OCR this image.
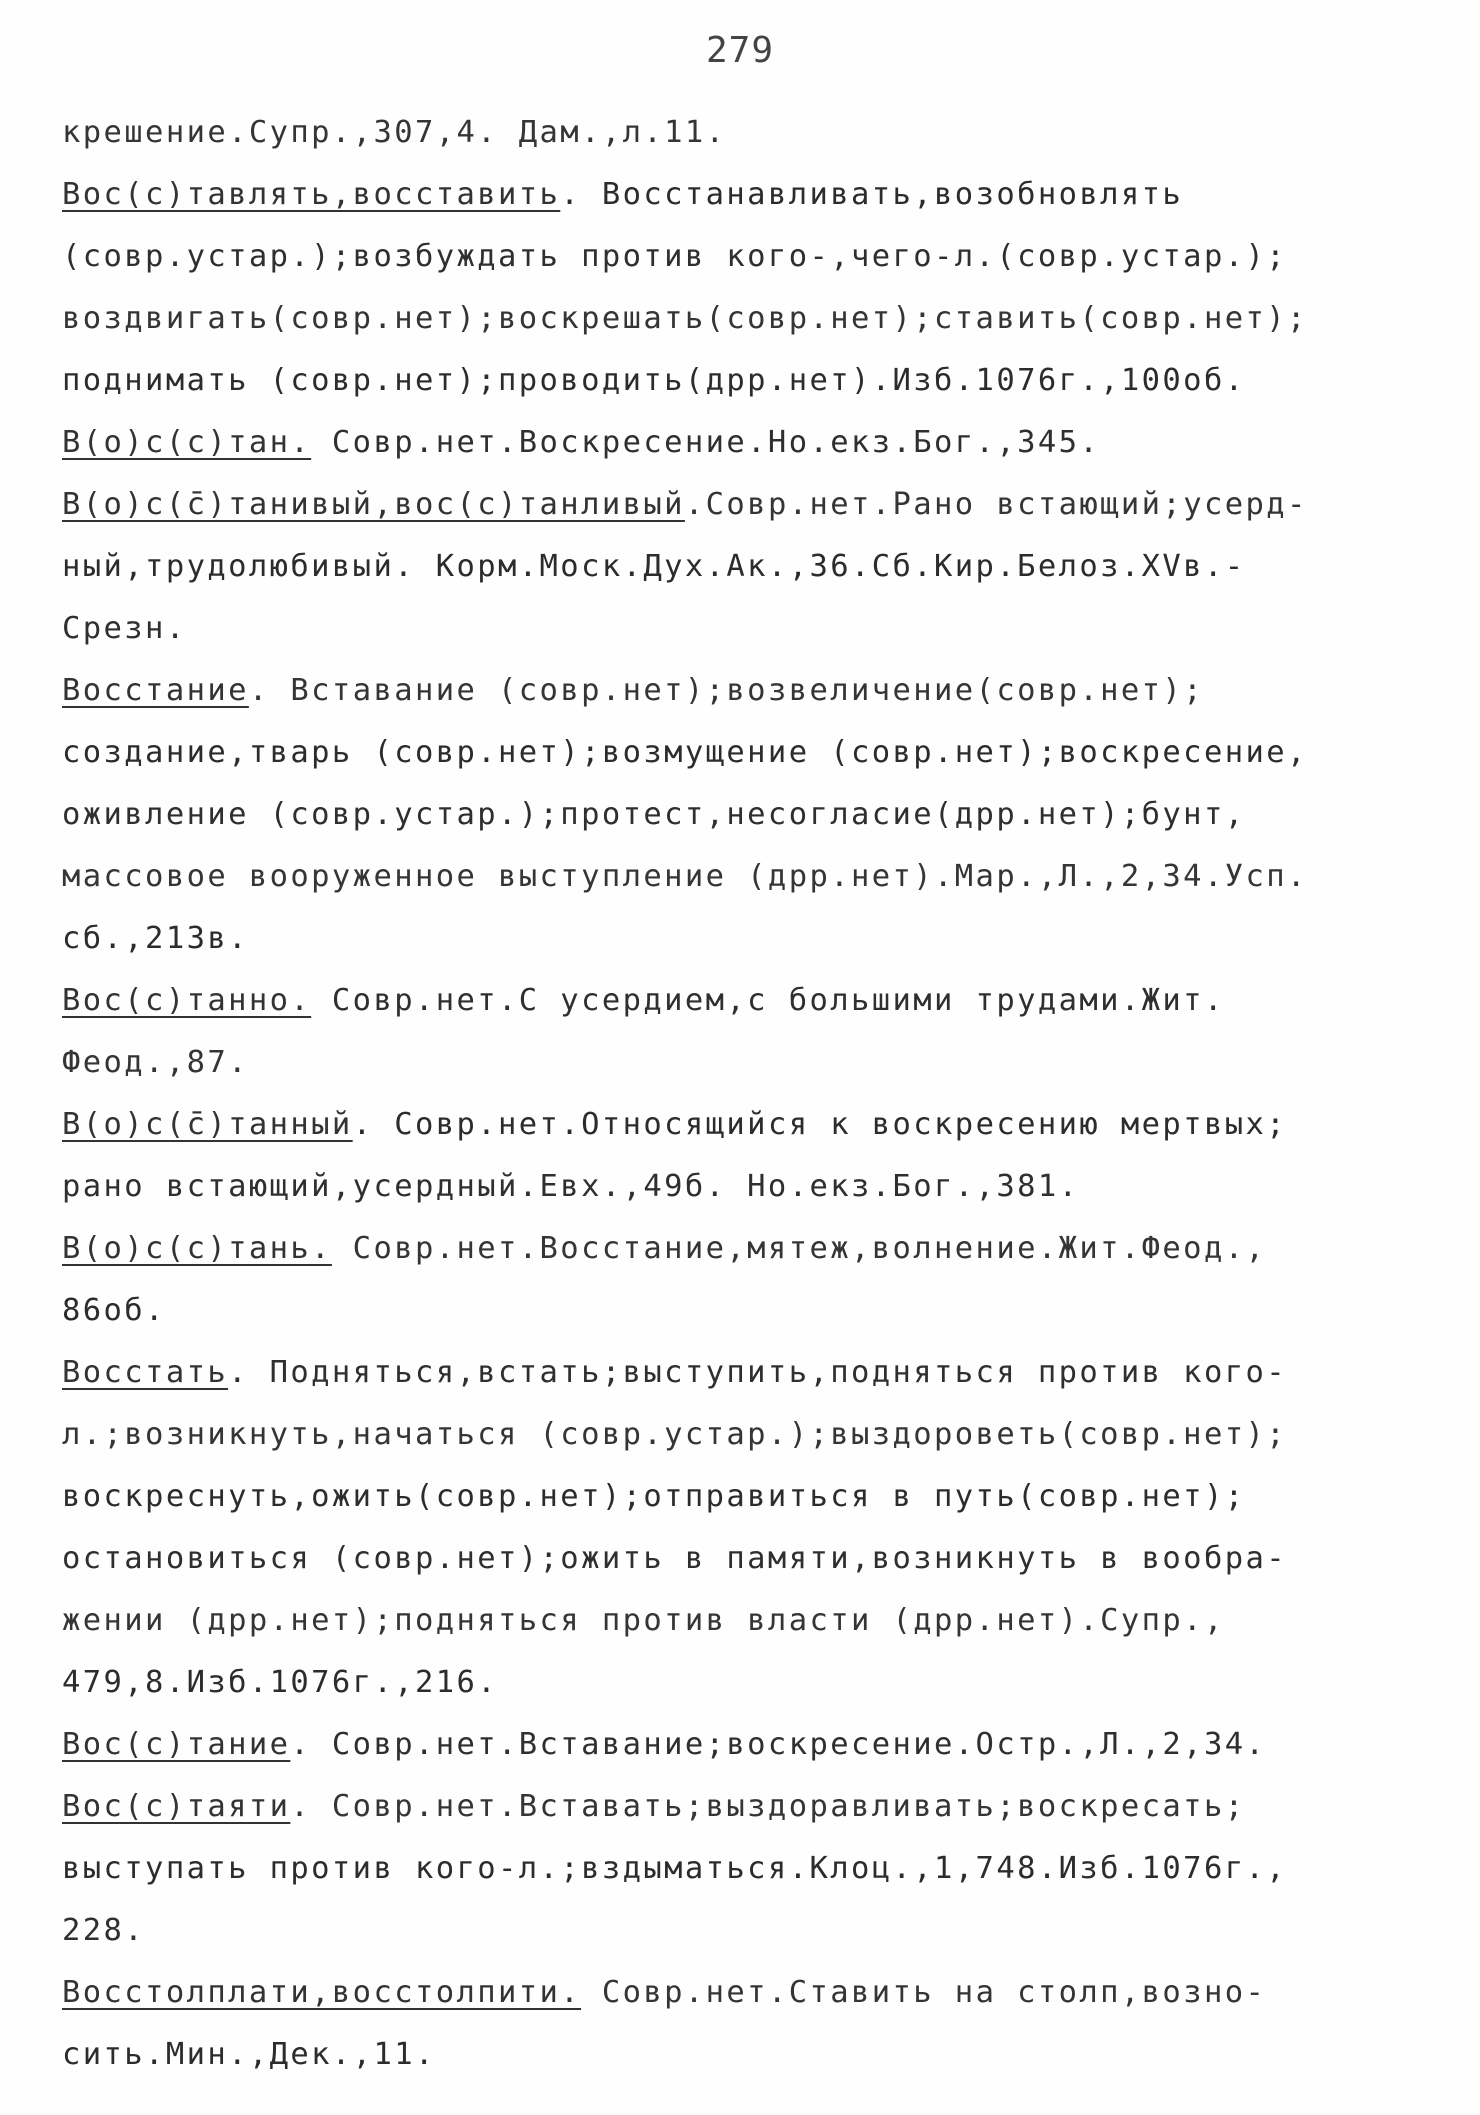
279
крешение.Супр.,307,4. Дам.,л.11.
Вос(с)тавлять,восставить. Восстанавливать,возобновлять
(совр.устар.);возбуждать против кого-,чего-л.(совр.устар.);
воздвигать(совр.нет);воскрешать(совр.нет);ставить(совр.нет);
поднимать (совр.нет);проводить(дрр.нет).Изб.1076г.,100об.
В(о)с(с)тан. Совр.нет.Воскресение.Но.екз.Бог.,345.
В(о)с(с̄)танивый,вос(с)танливый.Совр.нет.Рано встающий;усерд-
ный,трудолюбивый. Корм.Моск.Дух.Ак.,36.Сб.Кир.Белоз.XVв.-
Срезн.
Восстание. Вставание (совр.нет);возвеличение(совр.нет);
создание,тварь (совр.нет);возмущение (совр.нет);воскресение,
оживление (совр.устар.);протест,несогласие(дрр.нет);бунт,
массовое вооруженное выступление (дрр.нет).Мар.,Л.,2,34.Усп.
сб.,213в.
Вос(с)танно. Совр.нет.С усердием,с большими трудами.Жит.
Феод.,87.
В(о)с(с̄)танный. Совр.нет.Относящийся к воскресению мертвых;
рано встающий,усердный.Евх.,49б. Но.екз.Бог.,381.
В(о)с(с)тань. Совр.нет.Восстание,мятеж,волнение.Жит.Феод.,
86об.
Восстать. Подняться,встать;выступить,подняться против кого-
л.;возникнуть,начаться (совр.устар.);выздороветь(совр.нет);
воскреснуть,ожить(совр.нет);отправиться в путь(совр.нет);
остановиться (совр.нет);ожить в памяти,возникнуть в вообра-
жении (дрр.нет);подняться против власти (дрр.нет).Супр.,
479,8.Изб.1076г.,216.
Вос(с)тание. Совр.нет.Вставание;воскресение.Остр.,Л.,2,34.
Вос(с)таяти. Совр.нет.Вставать;выздоравливать;воскресать;
выступать против кого-л.;вздыматься.Клоц.,1,748.Изб.1076г.,
228.
Восстолплати,восстолпити. Совр.нет.Ставить на столп,возно-
сить.Мин.,Дек.,11.
